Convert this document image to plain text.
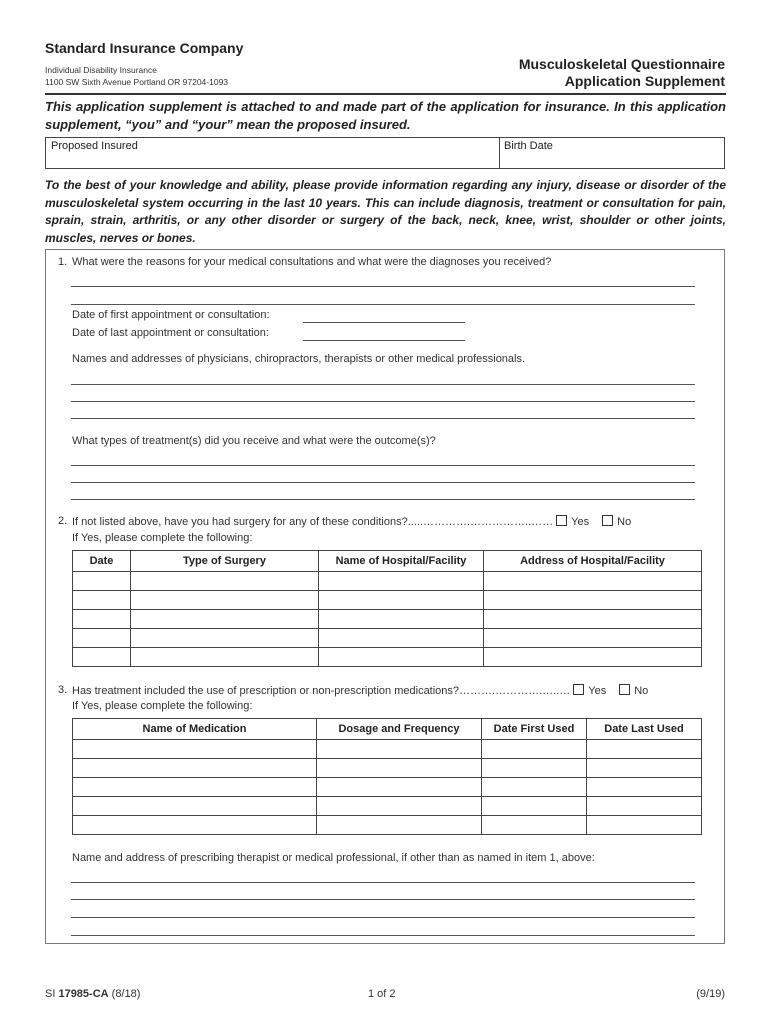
Standard Insurance Company
Individual Disability Insurance
1100 SW Sixth Avenue Portland OR 97204-1093
Musculoskeletal Questionnaire
Application Supplement
This application supplement is attached to and made part of the application for insurance. In this application supplement, “you” and “your” mean the proposed insured.
Proposed Insured	Birth Date
To the best of your knowledge and ability, please provide information regarding any injury, disease or disorder of the musculoskeletal system occurring in the last 10 years. This can include diagnosis, treatment or consultation for pain, sprain, strain, arthritis, or any other disorder or surgery of the back, neck, knee, wrist, shoulder or other joints, muscles, nerves or bones.
1. What were the reasons for your medical consultations and what were the diagnoses you received?
Date of first appointment or consultation:
Date of last appointment or consultation:
Names and addresses of physicians, chiropractors, therapists or other medical professionals.
What types of treatment(s) did you receive and what were the outcome(s)?
2. If not listed above, have you had surgery for any of these conditions?.....………….……………..…… Yes	No
If Yes, please complete the following:
Date	Type of Surgery	Name of Hospital/Facility	Address of Hospital/Facility

3. Has treatment included the use of prescription or non-prescription medications?……….………….…..… Yes	No
If Yes, please complete the following:
Name of Medication	Dosage and Frequency	Date First Used	Date Last Used

Name and address of prescribing therapist or medical professional, if other than as named in item 1, above:
SI 17985-CA (8/18)	1 of 2	(9/19)
